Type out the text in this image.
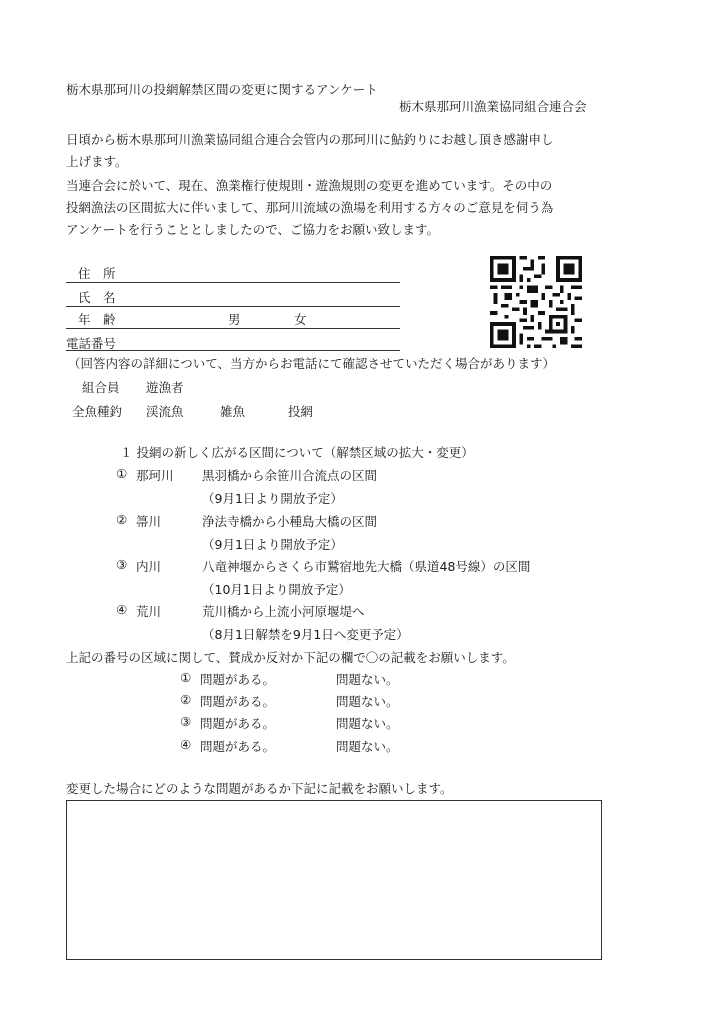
栃木県那珂川の投網解禁区間の変更に関するアンケート
栃木県那珂川漁業協同組合連合会
日頃から栃木県那珂川漁業協同組合連合会管内の那珂川に鮎釣りにお越し頂き感謝申し
上げます。
当連合会に於いて、現在、漁業権行使規則・遊漁規則の変更を進めています。その中の
投網漁法の区間拡大に伴いまして、那珂川流域の漁場を利用する方々のご意見を伺う為
アンケートを行うこととしましたので、ご協力をお願い致します。
住　所
氏　名
年　齢	男	女
電話番号
（回答内容の詳細について、当方からお電話にて確認させていただく場合があります）
組合員 遊漁者
全魚種釣 渓流魚	雑魚	投網
１ 投網の新しく広がる区間について（解禁区域の拡大・変更）
① 那珂川 黒羽橋から余笹川合流点の区間
（9月1日より開放予定）
② 箒川	浄法寺橋から小種島大橋の区間
（9月1日より開放予定）
③ 内川	八竜神堰からさくら市鷲宿地先大橋（県道48号線）の区間
（10月1日より開放予定）
④ 荒川	荒川橋から上流小河原堰堤へ
（8月1日解禁を9月1日へ変更予定）
上記の番号の区域に関して、賛成か反対か下記の欄で〇の記載をお願いします。
① 問題がある。	問題ない。
② 問題がある。	問題ない。
③ 問題がある。	問題ない。
④ 問題がある。	問題ない。
変更した場合にどのような問題があるか下記に記載をお願いします。
